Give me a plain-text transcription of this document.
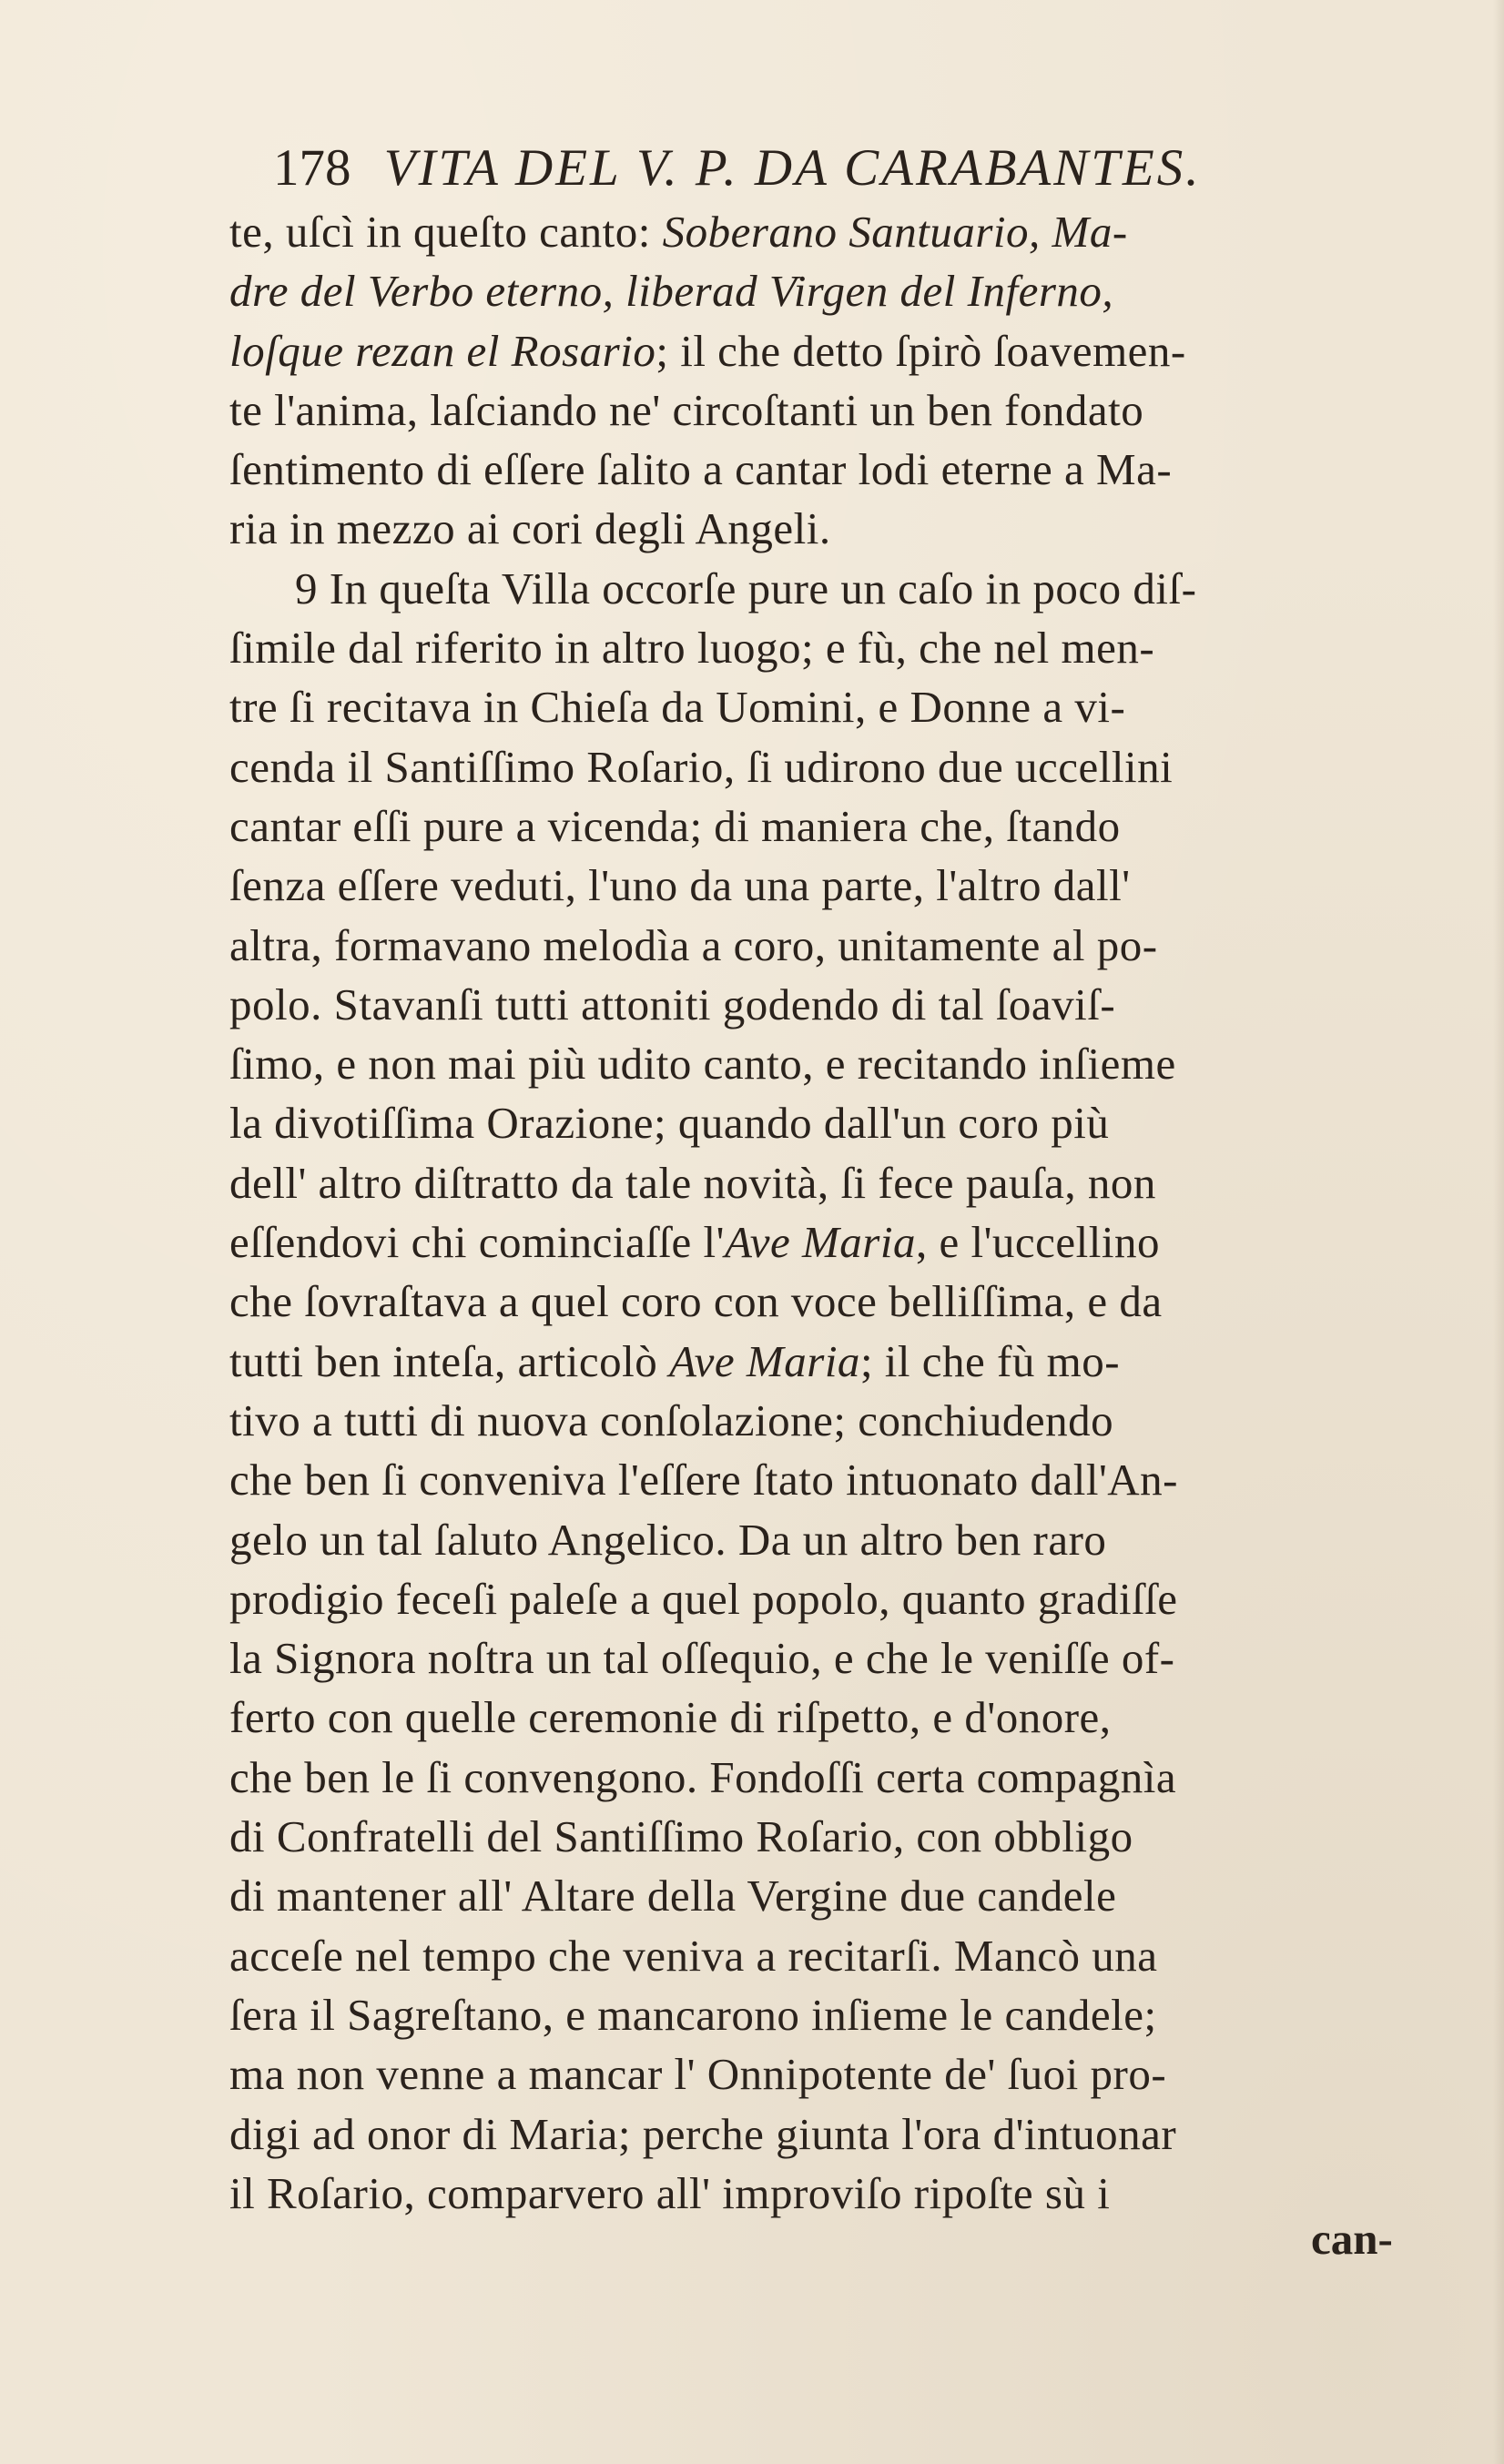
178 VITA DEL V. P. DA CARABANTES.
te, uſcì in queſto canto: Soberano Santuario, Ma-
dre del Verbo eterno, liberad Virgen del Inferno,
loſque rezan el Rosario; il che detto ſpirò ſoavemen-
te l'anima, laſciando ne' circoſtanti un ben fondato
ſentimento di eſſere ſalito a cantar lodi eterne a Ma-
ria in mezzo ai cori degli Angeli.
9 In queſta Villa occorſe pure un caſo in poco diſ-
ſimile dal riferito in altro luogo; e fù, che nel men-
tre ſi recitava in Chieſa da Uomini, e Donne a vi-
cenda il Santiſſimo Roſario, ſi udirono due uccellini
cantar eſſi pure a vicenda; di maniera che, ſtando
ſenza eſſere veduti, l'uno da una parte, l'altro dall'
altra, formavano melodìa a coro, unitamente al po-
polo. Stavanſi tutti attoniti godendo di tal ſoaviſ-
ſimo, e non mai più udito canto, e recitando inſieme
la divotiſſima Orazione; quando dall'un coro più
dell' altro diſtratto da tale novità, ſi fece pauſa, non
eſſendovi chi cominciaſſe l'Ave Maria, e l'uccellino
che ſovraſtava a quel coro con voce belliſſima, e da
tutti ben inteſa, articolò Ave Maria; il che fù mo-
tivo a tutti di nuova conſolazione; conchiudendo
che ben ſi conveniva l'eſſere ſtato intuonato dall'An-
gelo un tal ſaluto Angelico. Da un altro ben raro
prodigio feceſi paleſe a quel popolo, quanto gradiſſe
la Signora noſtra un tal oſſequio, e che le veniſſe of-
ferto con quelle ceremonie di riſpetto, e d'onore,
che ben le ſi convengono. Fondoſſi certa compagnìa
di Confratelli del Santiſſimo Roſario, con obbligo
di mantener all' Altare della Vergine due candele
acceſe nel tempo che veniva a recitarſi. Mancò una
ſera il Sagreſtano, e mancarono inſieme le candele;
ma non venne a mancar l' Onnipotente de' ſuoi pro-
digi ad onor di Maria; perche giunta l'ora d'intuonar
il Roſario, comparvero all' improviſo ripoſte sù i
can-
